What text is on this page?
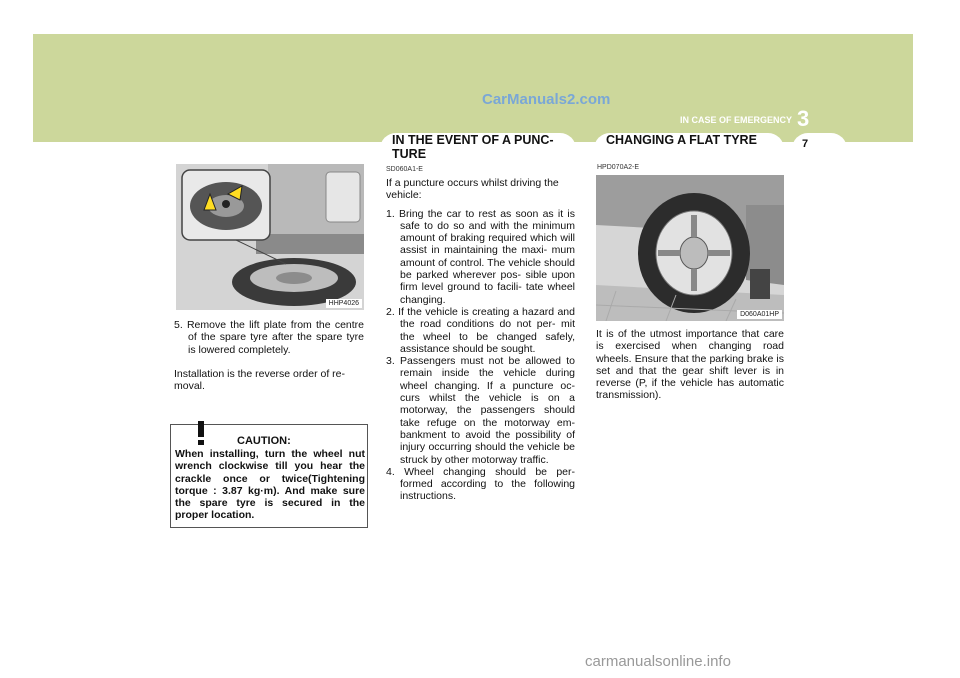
CarManuals2.com
IN CASE OF EMERGENCY 3
IN THE EVENT OF A PUNC- TURE
CHANGING A FLAT TYRE	7
HHP4026
5. Remove the lift plate from the centre of the spare tyre after the spare tyre is lowered completely.

Installation is the reverse order of re- moval.

CAUTION:
When installing, turn the wheel nut wrench clockwise till you hear the crackle once or twice(Tightening torque : 3.87 kg·m). And make sure the spare tyre is secured in the proper location.
SD060A1-E

If a puncture occurs whilst driving the vehicle:

1. Bring the car to rest as soon as it is safe to do so and with the minimum amount of braking required which will assist in maintaining the maxi- mum amount of control. The vehicle should be parked wherever pos- sible upon firm level ground to facili- tate wheel changing.
2. If the vehicle is creating a hazard and the road conditions do not per- mit the wheel to be changed safely, assistance should be sought.
3. Passengers must not be allowed to remain inside the vehicle during wheel changing. If a puncture oc- curs whilst the vehicle is on a motorway, the passengers should take refuge on the motorway em- bankment to avoid the possibility of injury occurring should the vehicle be struck by other motorway traffic.
4. Wheel changing should be per- formed according to the following instructions.
HPD070A2-E
D060A01HP
It is of the utmost importance that care is exercised when changing road wheels. Ensure that the parking brake is set and that the gear shift lever is in reverse (P, if the vehicle has automatic transmission).
carmanualsonline.info
